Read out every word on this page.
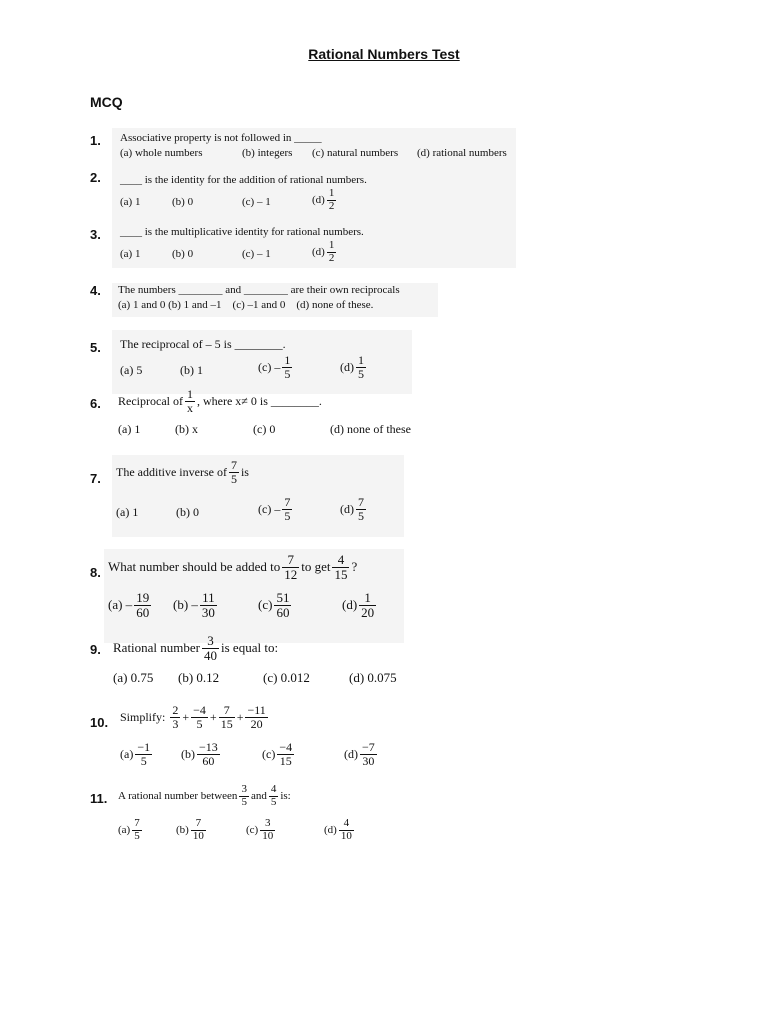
Rational Numbers Test
MCQ
1. Associative property is not followed in _____
(a) whole numbers	(b) integers (c) natural numbers (d) rational numbers
2. ____ is the identity for the addition of rational numbers.
(a) 1	(b) 0	(c) – 1	$(d) \frac{1}{2}$
3. ____ is the multiplicative identity for rational numbers.
(a) 1	(b) 0	(c) – 1	$(d) \frac{1}{2}$
4. The numbers ________ and ________ are their own reciprocals
(a) 1 and 0 (b) 1 and –1    (c) –1 and 0    (d) none of these.
5. The reciprocal of – 5 is ________.
(a) 5	(b) 1	$(c) - \frac{1}{5}$	$(d) \frac{1}{5}$
6. Reciprocal of $\frac{1}{x}$ , where x≠ 0 is ________.
(a) 1	(b) x	(c) 0	(d) none of these
7. The additive inverse of $\frac{7}{5}$ is
(a) 1	(b) 0	$(c) - \frac{7}{5}$	$(d) \frac{7}{5}$
8. What number should be added to $\frac{7}{12}$ to get $\frac{4}{15}$ ?
$(a) - \frac{19}{60} (b) - \frac{11}{30}$	$(c) \frac{51}{60}$	$(d) \frac{1}{20}$
9. Rational number $\frac{3}{40}$ is equal to:
(a) 0.75 (b) 0.12	(c) 0.012	(d) 0.075
10. Simplify: $\frac{2}{3} + \frac{-4}{5} + \frac{7}{15} + \frac{-11}{20}$
$(a) \frac{-1}{5} (b) \frac{-13}{60}$	$(c) \frac{-4}{15}$	$(d) \frac{-7}{30}$
11. A rational number between $\frac{3}{5}$ and $\frac{4}{5}$ is:
$(a) \frac{7}{5}$	$(b) \frac{7}{10}$	$(c) \frac{3}{10}$	$(d) \frac{4}{10}$
